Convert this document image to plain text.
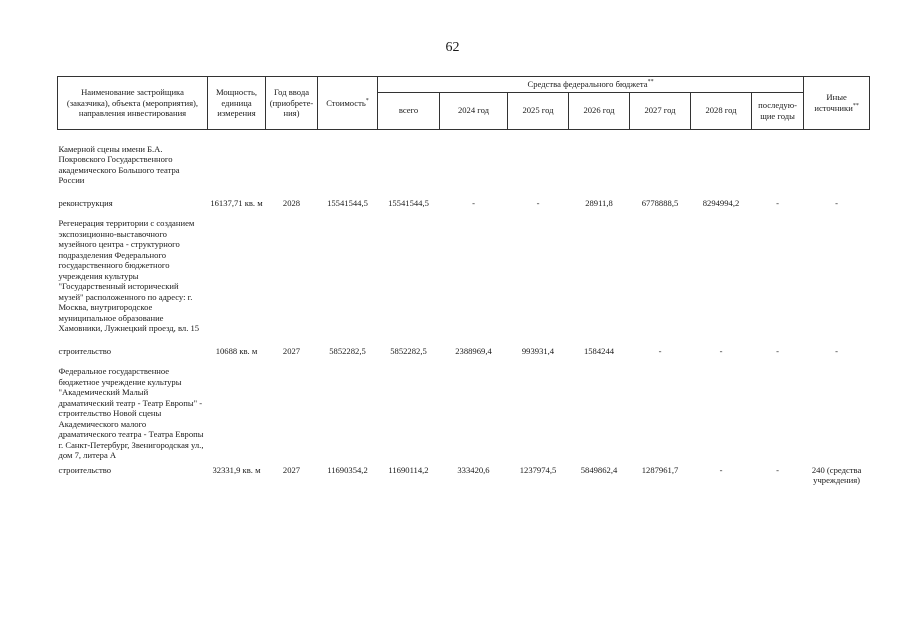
62
Наименование застройщика (заказчика), объекта (мероприятия), направления инвестирования	Мощность, единица измерения	Год ввода (приобрете-ния)	Стоимость*	Средства федерального бюджета**							Иные источники**
				всего	2024 год	2025 год	2026 год	2027 год	2028 год	последую-щие годы	

Камерной сцены имени Б.А. Покровского Государственного академического Большого театра России											

реконструкция	16137,71 кв. м	2028	15541544,5	15541544,5	-	-	28911,8	6778888,5	8294994,2	-	-

Регенерация территории с созданием экспозиционно-выставочного музейного центра - структурного подразделения Федерального государственного бюджетного учреждения культуры "Государственный исторический музей" расположенного по адресу: г. Москва, внутригородское муниципальное образование Хамовники, Лужнецкий проезд, вл. 15											

строительство	10688 кв. м	2027	5852282,5	5852282,5	2388969,4	993931,4	1584244	-	-	-	-

Федеральное государственное бюджетное учреждение культуры "Академический Малый драматический театр - Театр Европы" - строительство Новой сцены Академического малого драматического театра - Театра Европы г. Санкт-Петербург, Звенигородская ул., дом 7, литера А											

строительство	32331,9 кв. м	2027	11690354,2	11690114,2	333420,6	1237974,5	5849862,4	1287961,7	-	-	240 (средства учреждения)
